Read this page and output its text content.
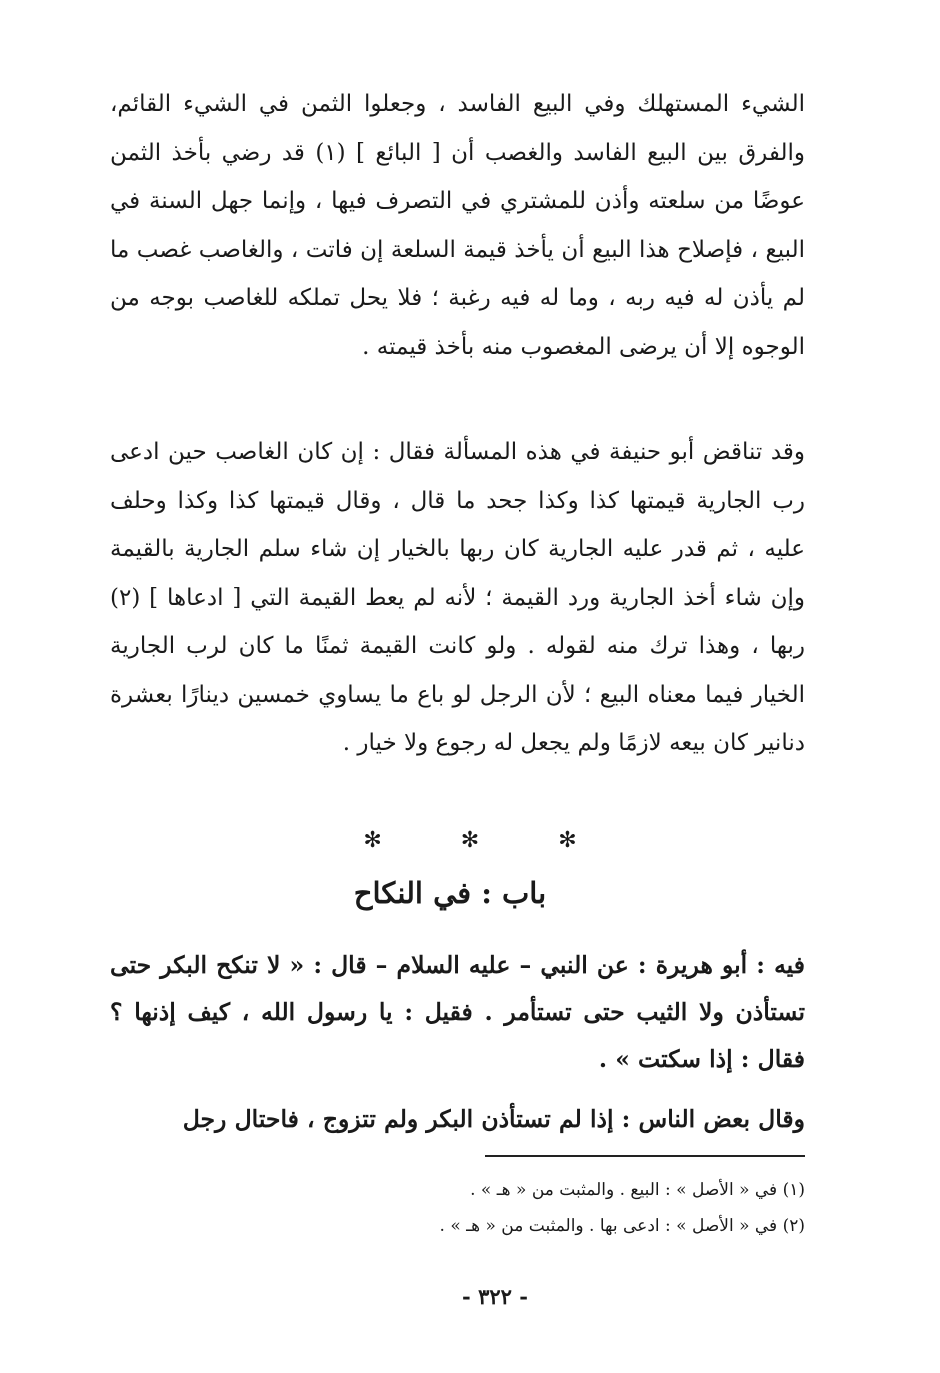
الشيء المستهلك وفي البيع الفاسد ، وجعلوا الثمن في الشيء القائم، والفرق بين البيع الفاسد والغصب أن [ البائع ] (١) قد رضي بأخذ الثمن عوضًا من سلعته وأذن للمشتري في التصرف فيها ، وإنما جهل السنة في البيع ، فإصلاح هذا البيع أن يأخذ قيمة السلعة إن فاتت ، والغاصب غصب ما لم يأذن له فيه ربه ، وما له فيه رغبة ؛ فلا يحل تملكه للغاصب بوجه من الوجوه إلا أن يرضى المغصوب منه بأخذ قيمته .

وقد تناقض أبو حنيفة في هذه المسألة فقال : إن كان الغاصب حين ادعى رب الجارية قيمتها كذا وكذا جحد ما قال ، وقال قيمتها كذا وكذا وحلف عليه ، ثم قدر عليه الجارية كان ربها بالخيار إن شاء سلم الجارية بالقيمة وإن شاء أخذ الجارية ورد القيمة ؛ لأنه لم يعط القيمة التي [ ادعاها ] (٢) ربها ، وهذا ترك منه لقوله . ولو كانت القيمة ثمنًا ما كان لرب الجارية الخيار فيما معناه البيع ؛ لأن الرجل لو باع ما يساوي خمسين دينارًا بعشرة دنانير كان بيعه لازمًا ولم يجعل له رجوع ولا خيار .

✻ ✻ ✻
باب : في النكاح

فيه : أبو هريرة : عن النبي – عليه السلام – قال : « لا تنكح البكر حتى تستأذن ولا الثيب حتى تستأمر . فقيل : يا رسول الله ، كيف إذنها ؟ فقال : إذا سكتت » .

وقال بعض الناس : إذا لم تستأذن البكر ولم تتزوج ، فاحتال رجل

(١) في « الأصل » : البيع . والمثبت من « هـ » .
(٢) في « الأصل » : ادعى بها . والمثبت من « هـ » .
- ٣٢٢ -
